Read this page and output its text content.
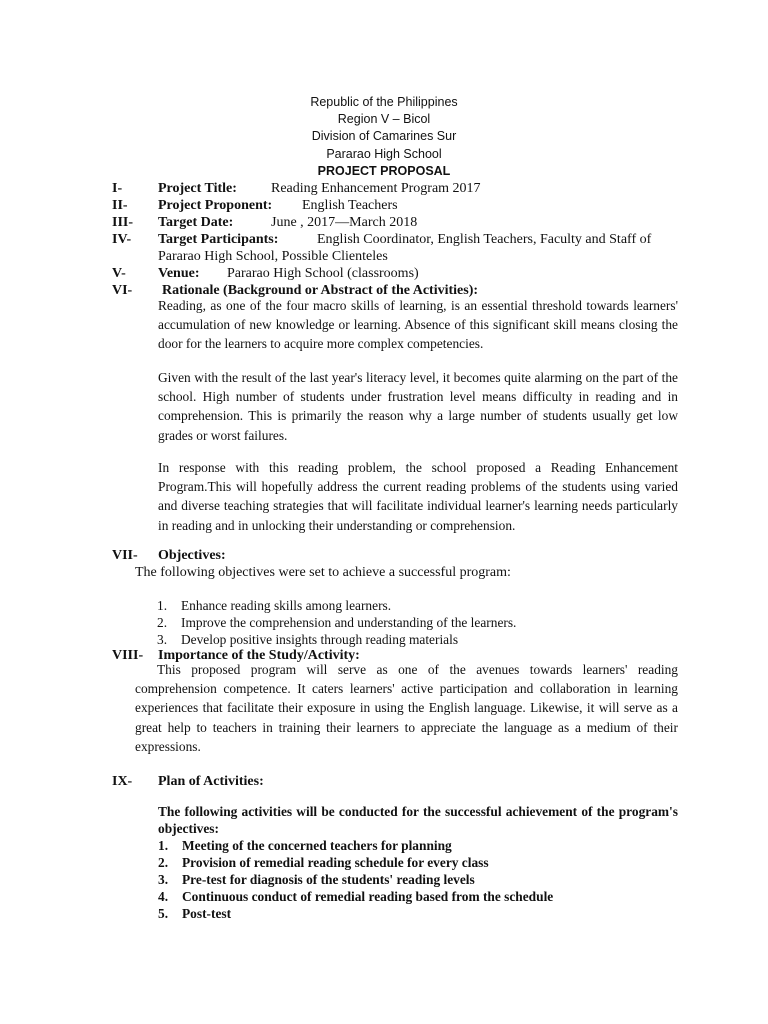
Republic of the Philippines
Region V – Bicol
Division of Camarines Sur
Pararao High School
PROJECT PROPOSAL
I-	Project Title: Reading Enhancement Program 2017
II- Project Proponent: English Teachers
III- Target Date:	June , 2017—March 2018
IV- Target Participants:	English Coordinator, English Teachers, Faculty and Staff of
Pararao High School, Possible Clienteles
V- Venue: Pararao High School (classrooms)
VI- Rationale (Background or Abstract of the Activities):
Reading, as one of the four macro skills of learning, is an essential threshold towards learners' accumulation of new knowledge or learning. Absence of this significant skill means closing the door for the learners to acquire more complex competencies.
Given with the result of the last year's literacy level, it becomes quite alarming on the part of the school. High number of students under frustration level means difficulty in reading and in comprehension. This is primarily the reason why a large number of students usually get low grades or worst failures.
In response with this reading problem, the school proposed a Reading Enhancement Program.This will hopefully address the current reading problems of the students using varied and diverse teaching strategies that will facilitate individual learner's learning needs particularly in reading and in unlocking their understanding or comprehension.
VII- Objectives:
The following objectives were set to achieve a successful program:
1. Enhance reading skills among learners.
2. Improve the comprehension and understanding of the learners.
3. Develop positive insights through reading materials
VIII- Importance of the Study/Activity:
This proposed program will serve as one of the avenues towards learners' reading comprehension competence. It caters learners' active participation and collaboration in learning experiences that facilitate their exposure in using the English language. Likewise, it will serve as a great help to teachers in training their learners to appreciate the language as a medium of their expressions.
IX- Plan of Activities:
The following activities will be conducted for the successful achievement of the program's objectives:
1. Meeting of the concerned teachers for planning
2. Provision of remedial reading schedule for every class
3. Pre-test for diagnosis of the students' reading levels
4. Continuous conduct of remedial reading based from the schedule
5. Post-test
